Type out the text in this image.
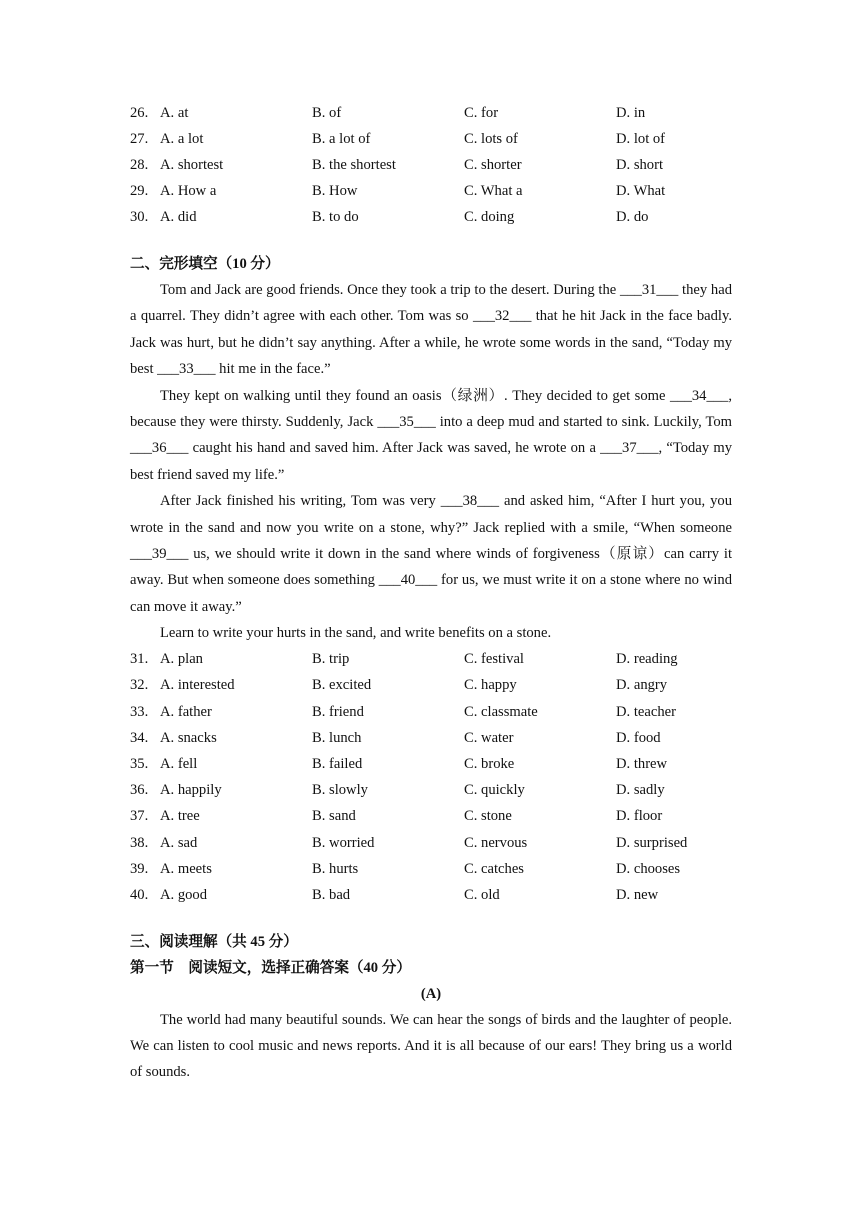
26. A. at	B. of	C. for	D. in
27. A. a lot	B. a lot of	C. lots of	D. lot of
28. A. shortest	B. the shortest	C. shorter	D. short
29. A. How a	B. How	C. What a	D. What
30. A. did	B. to do	C. doing	D. do
二、完形填空（10 分）

Tom and Jack are good friends. Once they took a trip to the desert. During the ___31___ they had a quarrel. They didn’t agree with each other. Tom was so ___32___ that he hit Jack in the face badly. Jack was hurt, but he didn’t say anything. After a while, he wrote some words in the sand, “Today my best ___33___ hit me in the face.”

They kept on walking until they found an oasis（绿洲）. They decided to get some ___34___, because they were thirsty. Suddenly, Jack ___35___ into a deep mud and started to sink. Luckily, Tom ___36___ caught his hand and saved him. After Jack was saved, he wrote on a ___37___, “Today my best friend saved my life.”

After Jack finished his writing, Tom was very ___38___ and asked him, “After I hurt you, you wrote in the sand and now you write on a stone, why?” Jack replied with a smile, “When someone ___39___ us, we should write it down in the sand where winds of forgiveness（原谅）can carry it away. But when someone does something ___40___ for us, we must write it on a stone where no wind can move it away.”

Learn to write your hurts in the sand, and write benefits on a stone.

31. A. plan	B. trip	C. festival	D. reading
32. A. interested	B. excited	C. happy	D. angry
33. A. father	B. friend	C. classmate	D. teacher
34. A. snacks	B. lunch	C. water	D. food
35. A. fell	B. failed	C. broke	D. threw
36. A. happily	B. slowly	C. quickly	D. sadly
37. A. tree	B. sand	C. stone	D. floor
38. A. sad	B. worried	C. nervous	D. surprised
39. A. meets	B. hurts	C. catches	D. chooses
40. A. good	B. bad	C. old	D. new
三、阅读理解（共 45 分）
第一节　阅读短文，选择正确答案（40 分）
(A)

The world had many beautiful sounds. We can hear the songs of birds and the laughter of people. We can listen to cool music and news reports. And it is all because of our ears! They bring us a world of sounds.
